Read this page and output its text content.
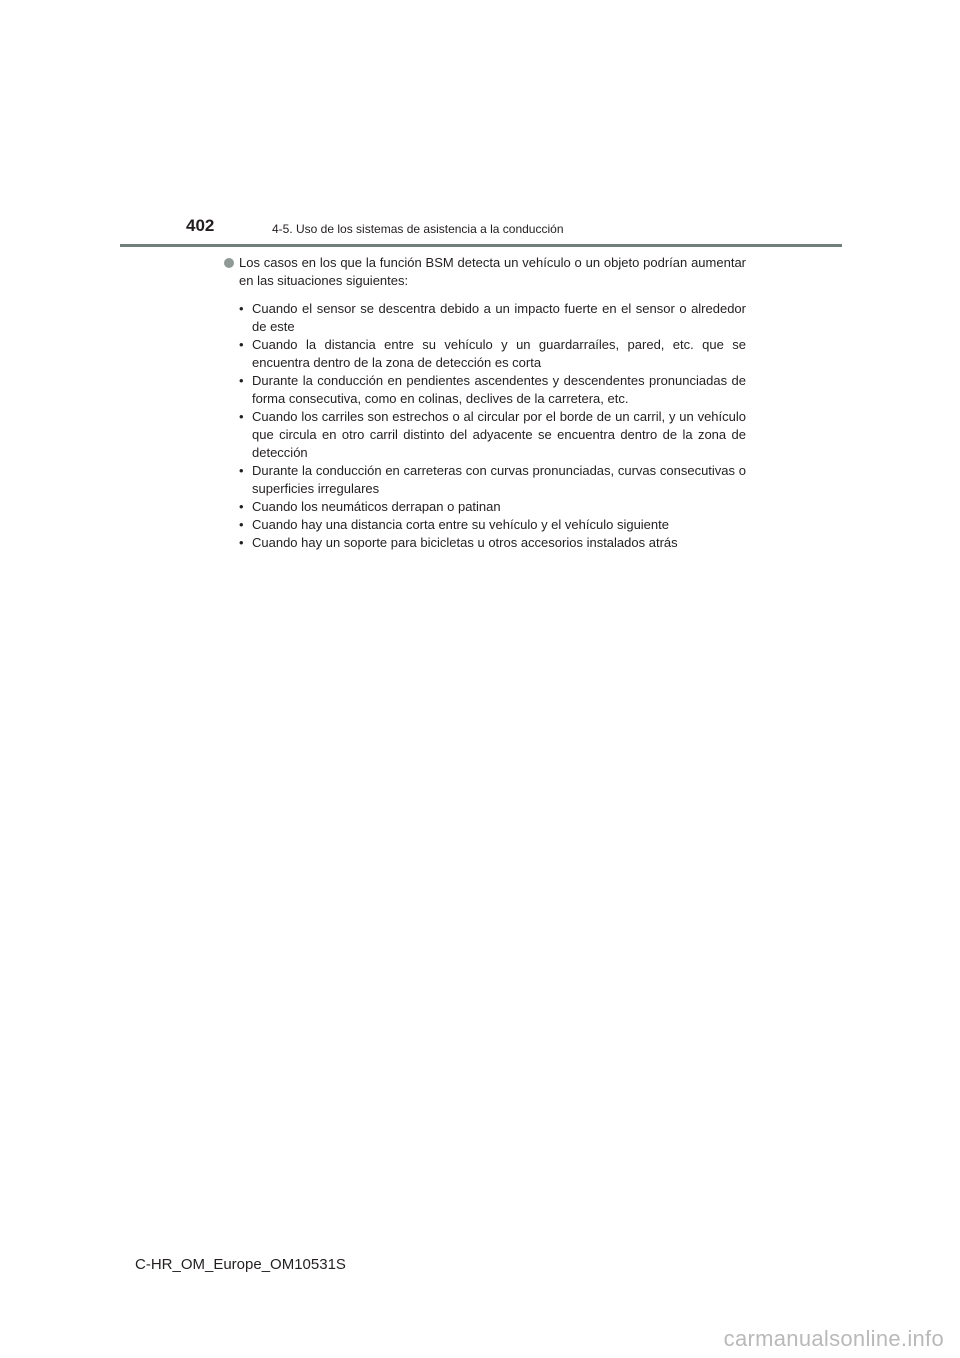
402	4-5. Uso de los sistemas de asistencia a la conducción

Los casos en los que la función BSM detecta un vehículo o un objeto podrían aumentar en las situaciones siguientes:

• Cuando el sensor se descentra debido a un impacto fuerte en el sensor o alrededor de este
• Cuando la distancia entre su vehículo y un guardarraíles, pared, etc. que se encuentra dentro de la zona de detección es corta
• Durante la conducción en pendientes ascendentes y descendentes pronunciadas de forma consecutiva, como en colinas, declives de la carretera, etc.
• Cuando los carriles son estrechos o al circular por el borde de un carril, y un vehículo que circula en otro carril distinto del adyacente se encuentra dentro de la zona de detección
• Durante la conducción en carreteras con curvas pronunciadas, curvas consecutivas o superficies irregulares
• Cuando los neumáticos derrapan o patinan
• Cuando hay una distancia corta entre su vehículo y el vehículo siguiente
• Cuando hay un soporte para bicicletas u otros accesorios instalados atrás
C-HR_OM_Europe_OM10531S
carmanualsonline.info
